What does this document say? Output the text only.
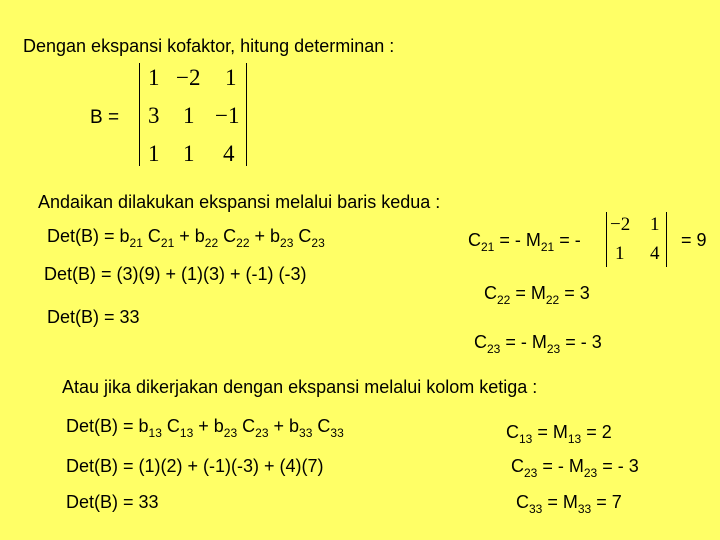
Dengan ekspansi kofaktor, hitung determinan :
B =
1 −2 1
3 1 −1
1 1 4
Andaikan dilakukan ekspansi melalui baris kedua :
$Det(B) = b_{21}$ $C_{21} + b_{22}$ $C_{22} + b_{23}$ $C_{23}$
Det(B) = (3)(9) + (1)(3) + (-1) (-3)
Det(B) = 33
$C_{21}$ = - $M_{21}$ = -
−2 1
1 4
= 9
$C_{22} = M_{22} = 3$
$C_{23}$ = - $M_{23}$ = - 3
Atau jika dikerjakan dengan ekspansi melalui kolom ketiga :
$Det(B) = b_{13}$ $C_{13} + b_{23}$ $C_{23} + b_{33}$ $C_{33}$
Det(B) = (1)(2) + (-1)(-3) + (4)(7)
Det(B) = 33
$C_{13} = M_{13} = 2$
$C_{23}$ = - $M_{23}$ = - 3
$C_{33} = M_{33} = 7$
